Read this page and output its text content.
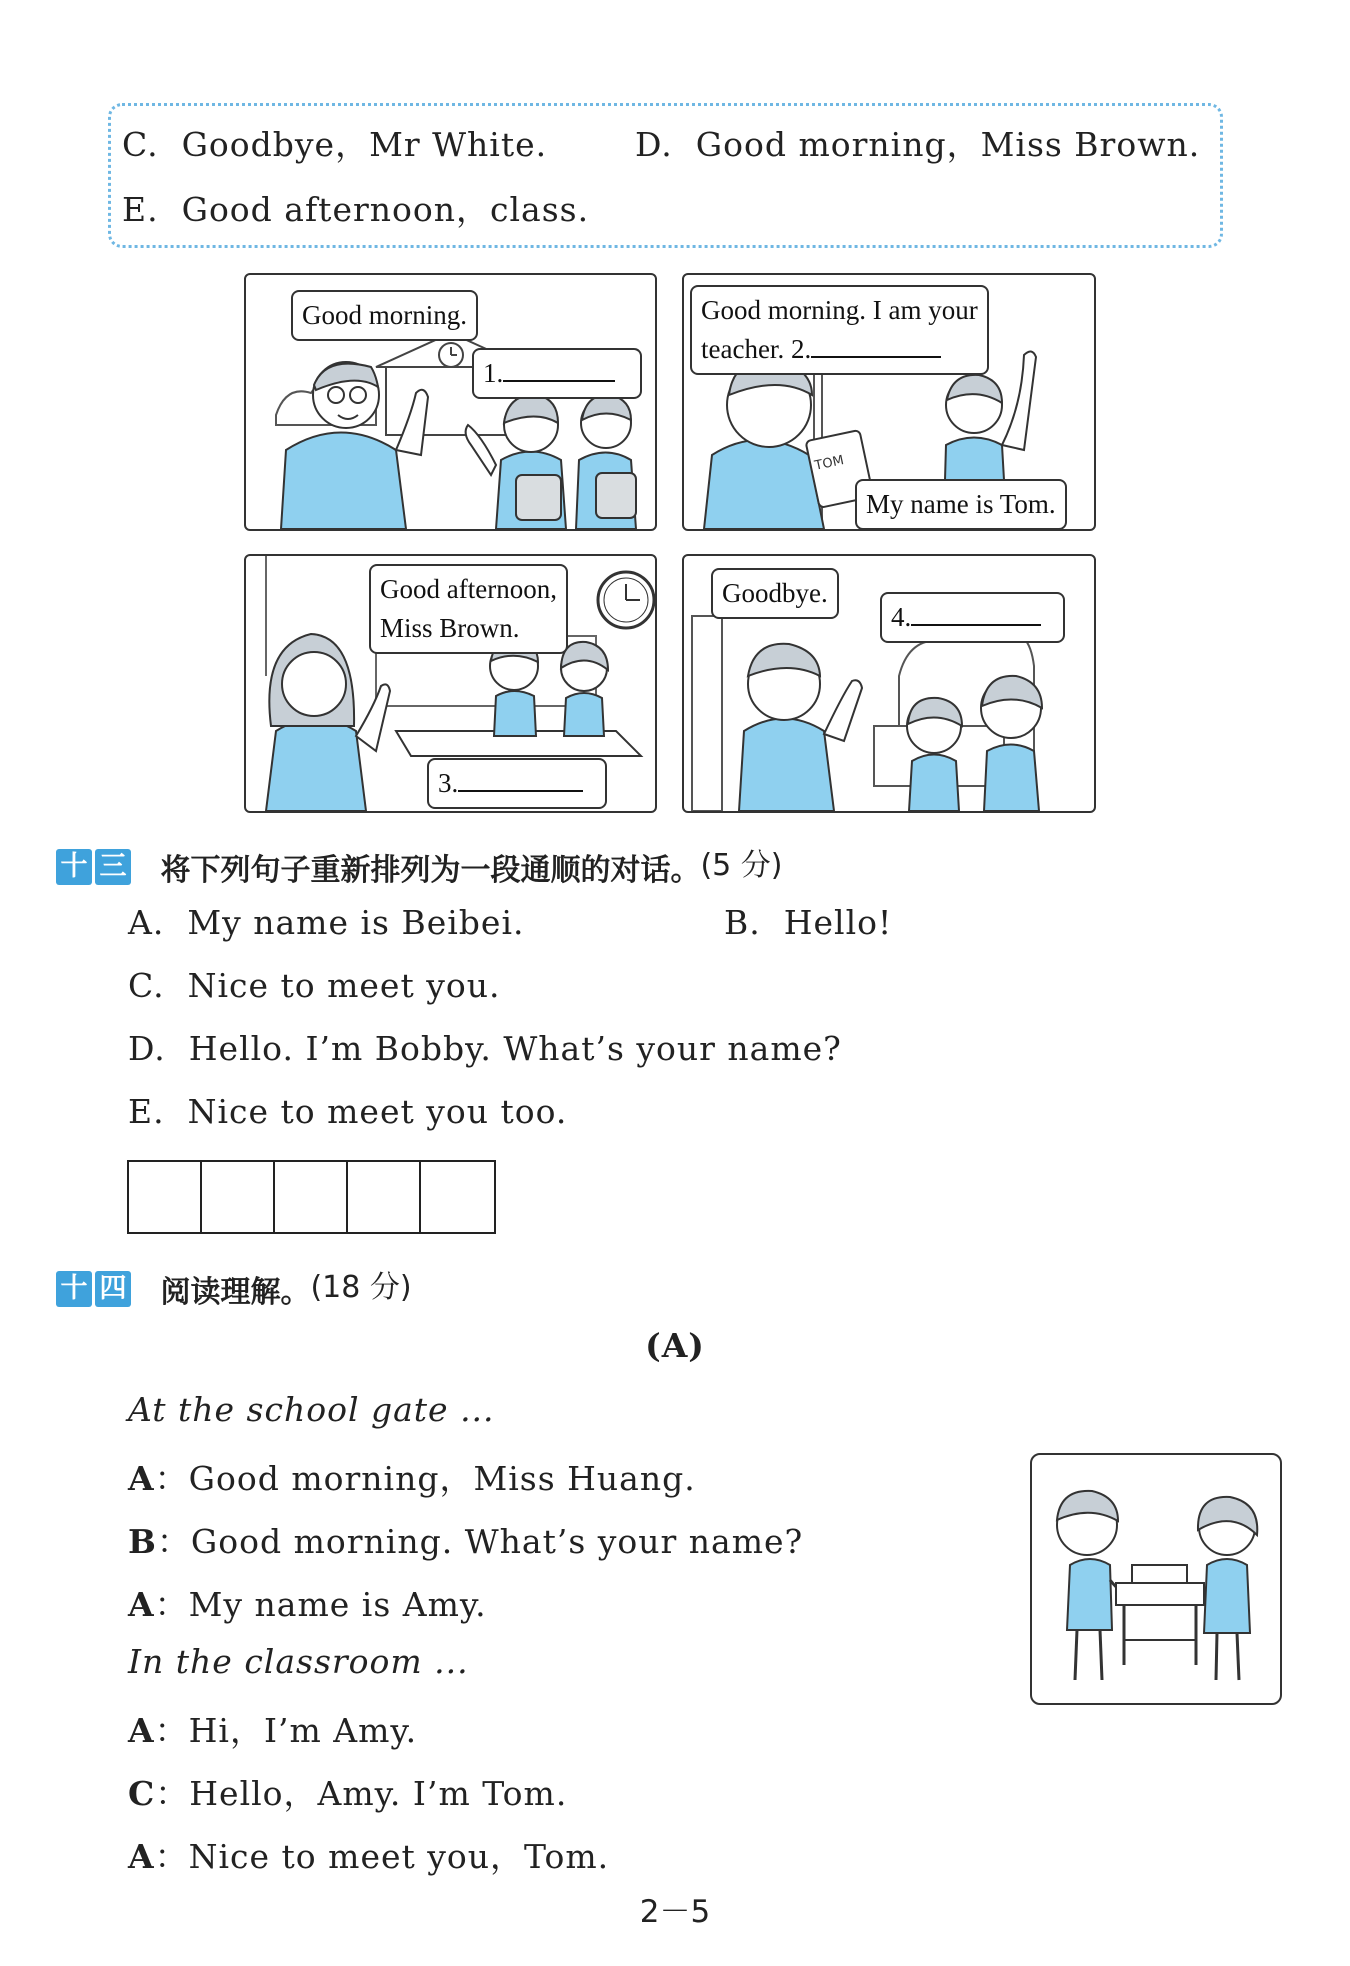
C. Goodbye，Mr White.	D. Good morning，Miss Brown.
E. Good afternoon，class.
Good morning.
1.
TOM
Good morning. I am your
teacher. 2.
My name is Tom.
Good afternoon,
Miss Brown.
3.
Goodbye.
4.
十 三 将下列句子重新排列为一段通顺的对话。(5 分)
A. My name is Beibei.	B. Hello!
C. Nice to meet you.
D. Hello. I’m Bobby. What’s your name?
E. Nice to meet you too.
十 四 阅读理解。(18 分)
(A)
At the school gate ...
A：Good morning，Miss Huang.
B：Good morning. What’s your name?
A：My name is Amy.
In the classroom ...
A：Hi，I’m Amy.
C：Hello，Amy. I’m Tom.
A：Nice to meet you，Tom.
2－5
